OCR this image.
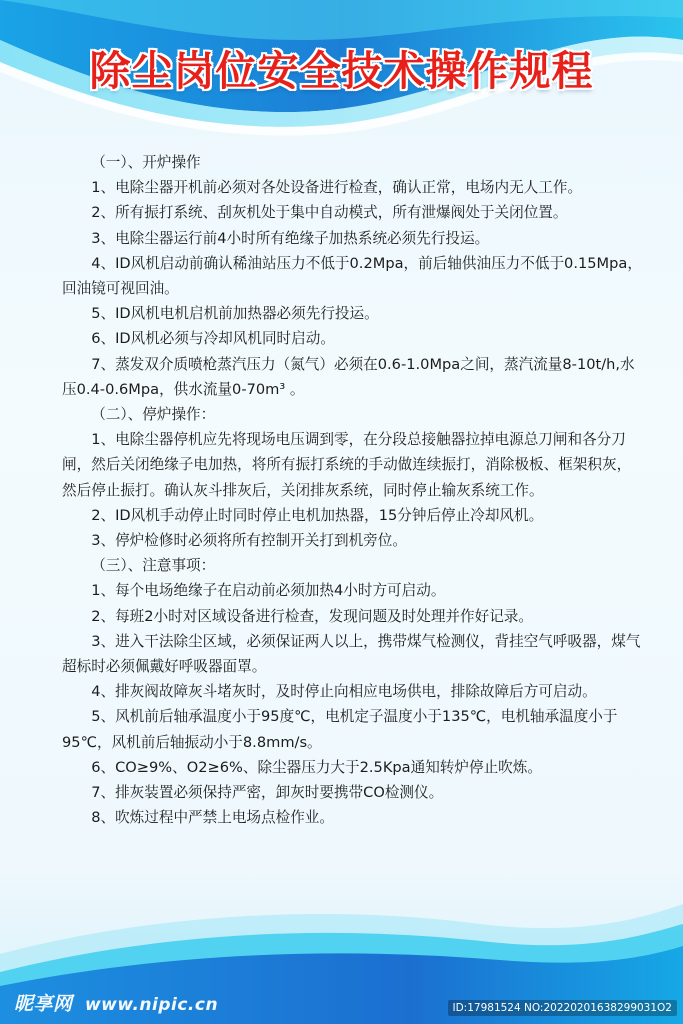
除尘岗位安全技术操作规程

（一）、开炉操作

1、电除尘器开机前必须对各处设备进行检查，确认正常，电场内无人工作。

2、所有振打系统、刮灰机处于集中自动模式，所有泄爆阀处于关闭位置。

3、电除尘器运行前4小时所有绝缘子加热系统必须先行投运。

4、ID风机启动前确认稀油站压力不低于0.2Mpa，前后轴供油压力不低于0.15Mpa，回油镜可视回油。

5、ID风机电机启机前加热器必须先行投运。

6、ID风机必须与冷却风机同时启动。

7、蒸发双介质喷枪蒸汽压力（氮气）必须在0.6-1.0Mpa之间，蒸汽流量8-10t/h,水压0.4-0.6Mpa，供水流量0-70m³ 。

（二）、停炉操作：

1、电除尘器停机应先将现场电压调到零，在分段总接触器拉掉电源总刀闸和各分刀闸，然后关闭绝缘子电加热，将所有振打系统的手动做连续振打，消除极板、框架积灰，然后停止振打。确认灰斗排灰后，关闭排灰系统，同时停止输灰系统工作。

2、ID风机手动停止时同时停止电机加热器，15分钟后停止冷却风机。

3、停炉检修时必须将所有控制开关打到机旁位。

（三）、注意事项：

1、每个电场绝缘子在启动前必须加热4小时方可启动。

2、每班2小时对区域设备进行检查，发现问题及时处理并作好记录。

3、进入干法除尘区域，必须保证两人以上，携带煤气检测仪，背挂空气呼吸器，煤气超标时必须佩戴好呼吸器面罩。

4、排灰阀故障灰斗堵灰时，及时停止向相应电场供电，排除故障后方可启动。

5、风机前后轴承温度小于95度℃，电机定子温度小于135℃，电机轴承温度小于95℃，风机前后轴振动小于8.8mm/s。

6、CO≥9%、O2≥6%、除尘器压力大于2.5Kpa通知转炉停止吹炼。

7、排灰装置必须保持严密，卸灰时要携带CO检测仪。

8、吹炼过程中严禁上电场点检作业。

昵享网 www.nipic.cn	ID:17981524 NO:20220201638299031O2
